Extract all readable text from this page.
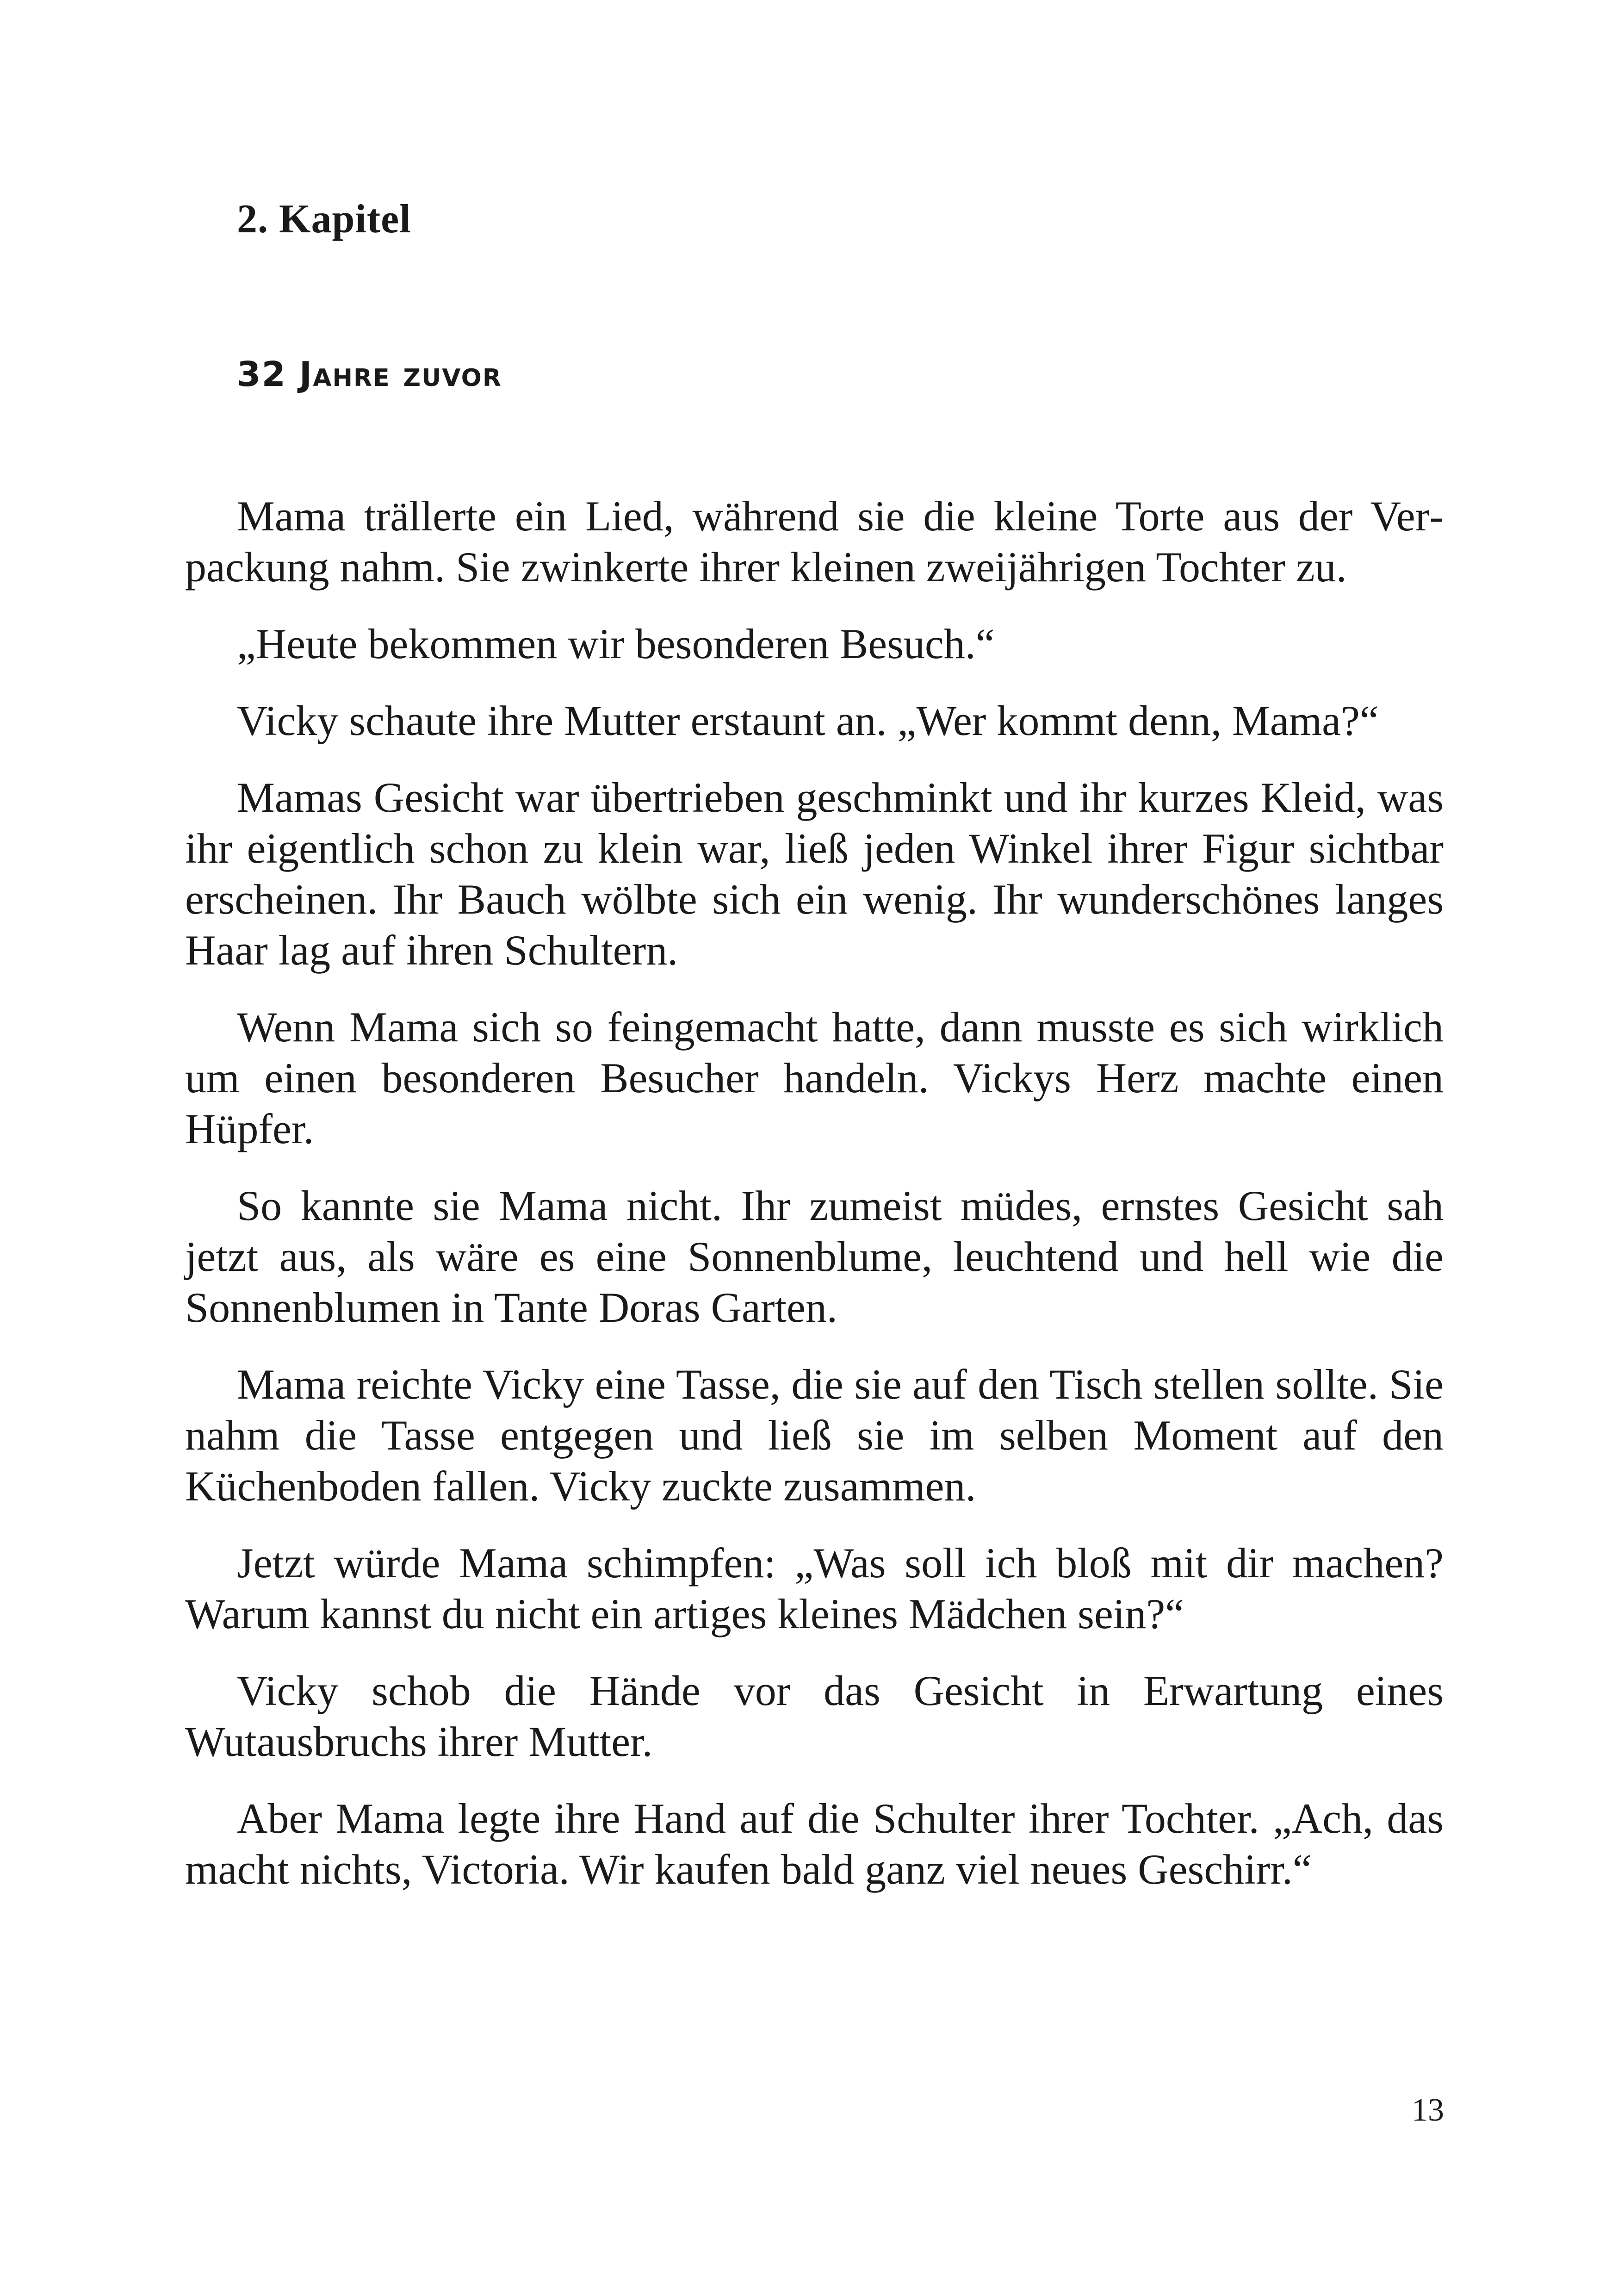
2. Kapitel
32 Jahre zuvor

Mama trällerte ein Lied, während sie die kleine Torte aus der Verpackung nahm. Sie zwinkerte ihrer kleinen zweijährigen Tochter zu.

„Heute bekommen wir besonderen Besuch.“

Vicky schaute ihre Mutter erstaunt an. „Wer kommt denn, Mama?“

Mamas Gesicht war übertrieben geschminkt und ihr kurzes Kleid, was ihr eigentlich schon zu klein war, ließ jeden Winkel ihrer Figur sichtbar erscheinen. Ihr Bauch wölbte sich ein wenig. Ihr wunderschönes langes Haar lag auf ihren Schultern.

Wenn Mama sich so feingemacht hatte, dann musste es sich wirklich um einen besonderen Besucher handeln. Vickys Herz machte einen Hüpfer.

So kannte sie Mama nicht. Ihr zumeist müdes, ernstes Gesicht sah jetzt aus, als wäre es eine Sonnenblume, leuchtend und hell wie die Sonnenblumen in Tante Doras Garten.

Mama reichte Vicky eine Tasse, die sie auf den Tisch stellen sollte. Sie nahm die Tasse entgegen und ließ sie im selben Moment auf den Küchenboden fallen. Vicky zuckte zusammen.

Jetzt würde Mama schimpfen: „Was soll ich bloß mit dir machen? Warum kannst du nicht ein artiges kleines Mädchen sein?“

Vicky schob die Hände vor das Gesicht in Erwartung eines Wutausbruchs ihrer Mutter.

Aber Mama legte ihre Hand auf die Schulter ihrer Tochter. „Ach, das macht nichts, Victoria. Wir kaufen bald ganz viel neues Geschirr.“

13
